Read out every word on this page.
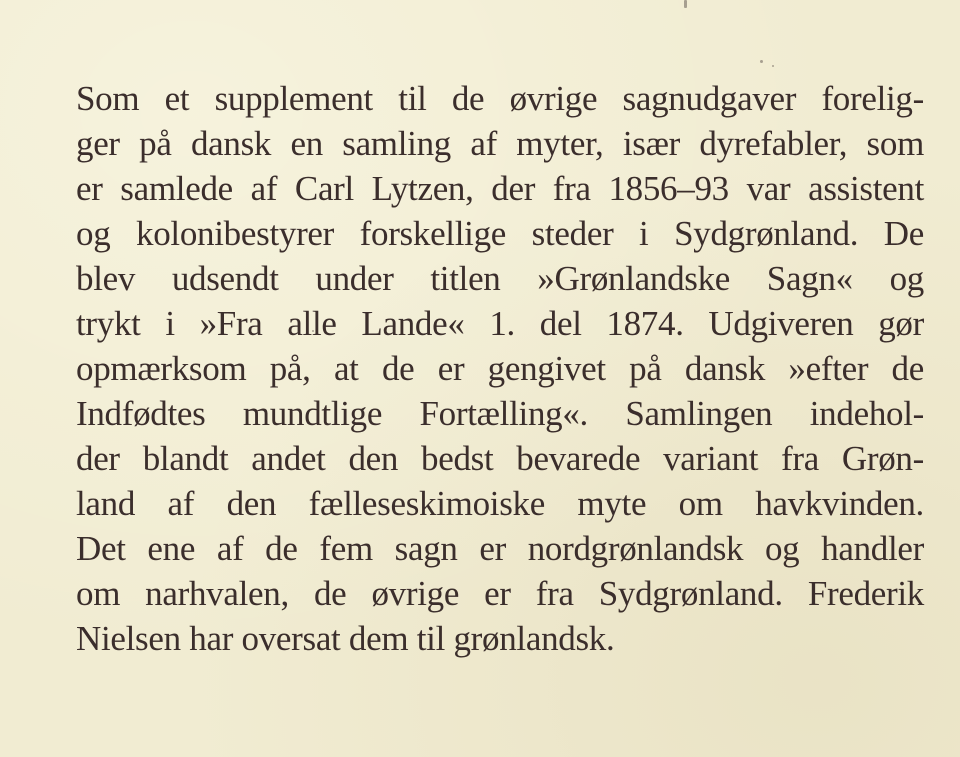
Som et supplement til de øvrige sagnudgaver forelig-
ger på dansk en samling af myter, især dyrefabler, som
er samlede af Carl Lytzen, der fra 1856–93 var assistent
og kolonibestyrer forskellige steder i Sydgrønland. De
blev udsendt under titlen »Grønlandske Sagn« og
trykt i »Fra alle Lande« 1. del 1874. Udgiveren gør
opmærksom på, at de er gengivet på dansk »efter de
Indfødtes mundtlige Fortælling«. Samlingen indehol-
der blandt andet den bedst bevarede variant fra Grøn-
land af den fælleseskimoiske myte om havkvinden.
Det ene af de fem sagn er nordgrønlandsk og handler
om narhvalen, de øvrige er fra Sydgrønland. Frederik
Nielsen har oversat dem til grønlandsk.
